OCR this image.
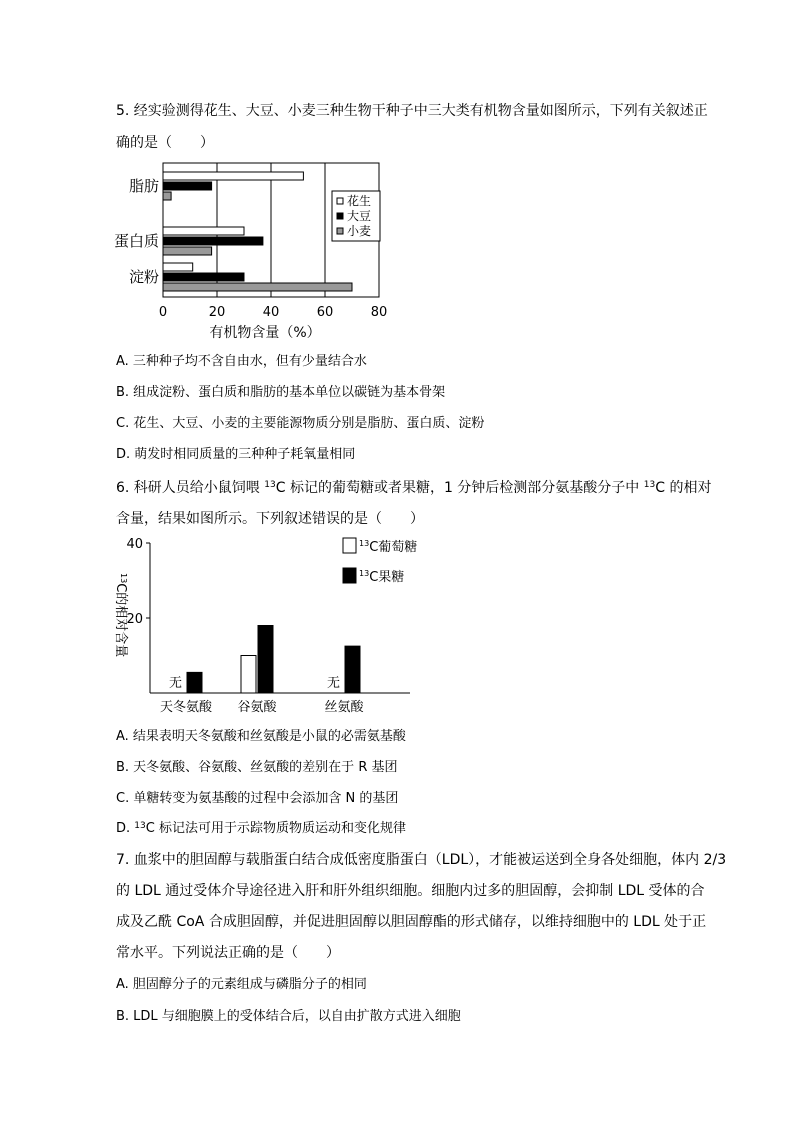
5. 经实验测得花生、大豆、小麦三种生物干种子中三大类有机物含量如图所示，下列有关叙述正
确的是（　　）
脂肪
蛋白质
淀粉
0	20	40	60	80
有机物含量（%）
花生
大豆
小麦
A. 三种种子均不含自由水，但有少量结合水
B. 组成淀粉、蛋白质和脂肪的基本单位以碳链为基本骨架
C. 花生、大豆、小麦的主要能源物质分别是脂肪、蛋白质、淀粉
D. 萌发时相同质量的三种种子耗氧量相同
6. 科研人员给小鼠饲喂 $^{13}$C 标记的葡萄糖或者果糖，1 分钟后检测部分氨基酸分子中 $^{13}$C 的相对
含量，结果如图所示。下列叙述错误的是（　　）
20
40
$^{13}$C的相对含量
无
天冬氨酸 谷氨酸
无
丝氨酸
$^{13}$C葡萄糖
$^{13}$C果糖
A. 结果表明天冬氨酸和丝氨酸是小鼠的必需氨基酸
B. 天冬氨酸、谷氨酸、丝氨酸的差别在于 R 基团
C. 单糖转变为氨基酸的过程中会添加含 N 的基团
D. $^{13}$C 标记法可用于示踪物质物质运动和变化规律
7. 血浆中的胆固醇与载脂蛋白结合成低密度脂蛋白（LDL），才能被运送到全身各处细胞，体内 2/3
的 LDL 通过受体介导途径进入肝和肝外组织细胞。细胞内过多的胆固醇，会抑制 LDL 受体的合
成及乙酰 CoA 合成胆固醇，并促进胆固醇以胆固醇酯的形式储存，以维持细胞中的 LDL 处于正
常水平。下列说法正确的是（　　）
A. 胆固醇分子的元素组成与磷脂分子的相同
B. LDL 与细胞膜上的受体结合后，以自由扩散方式进入细胞
